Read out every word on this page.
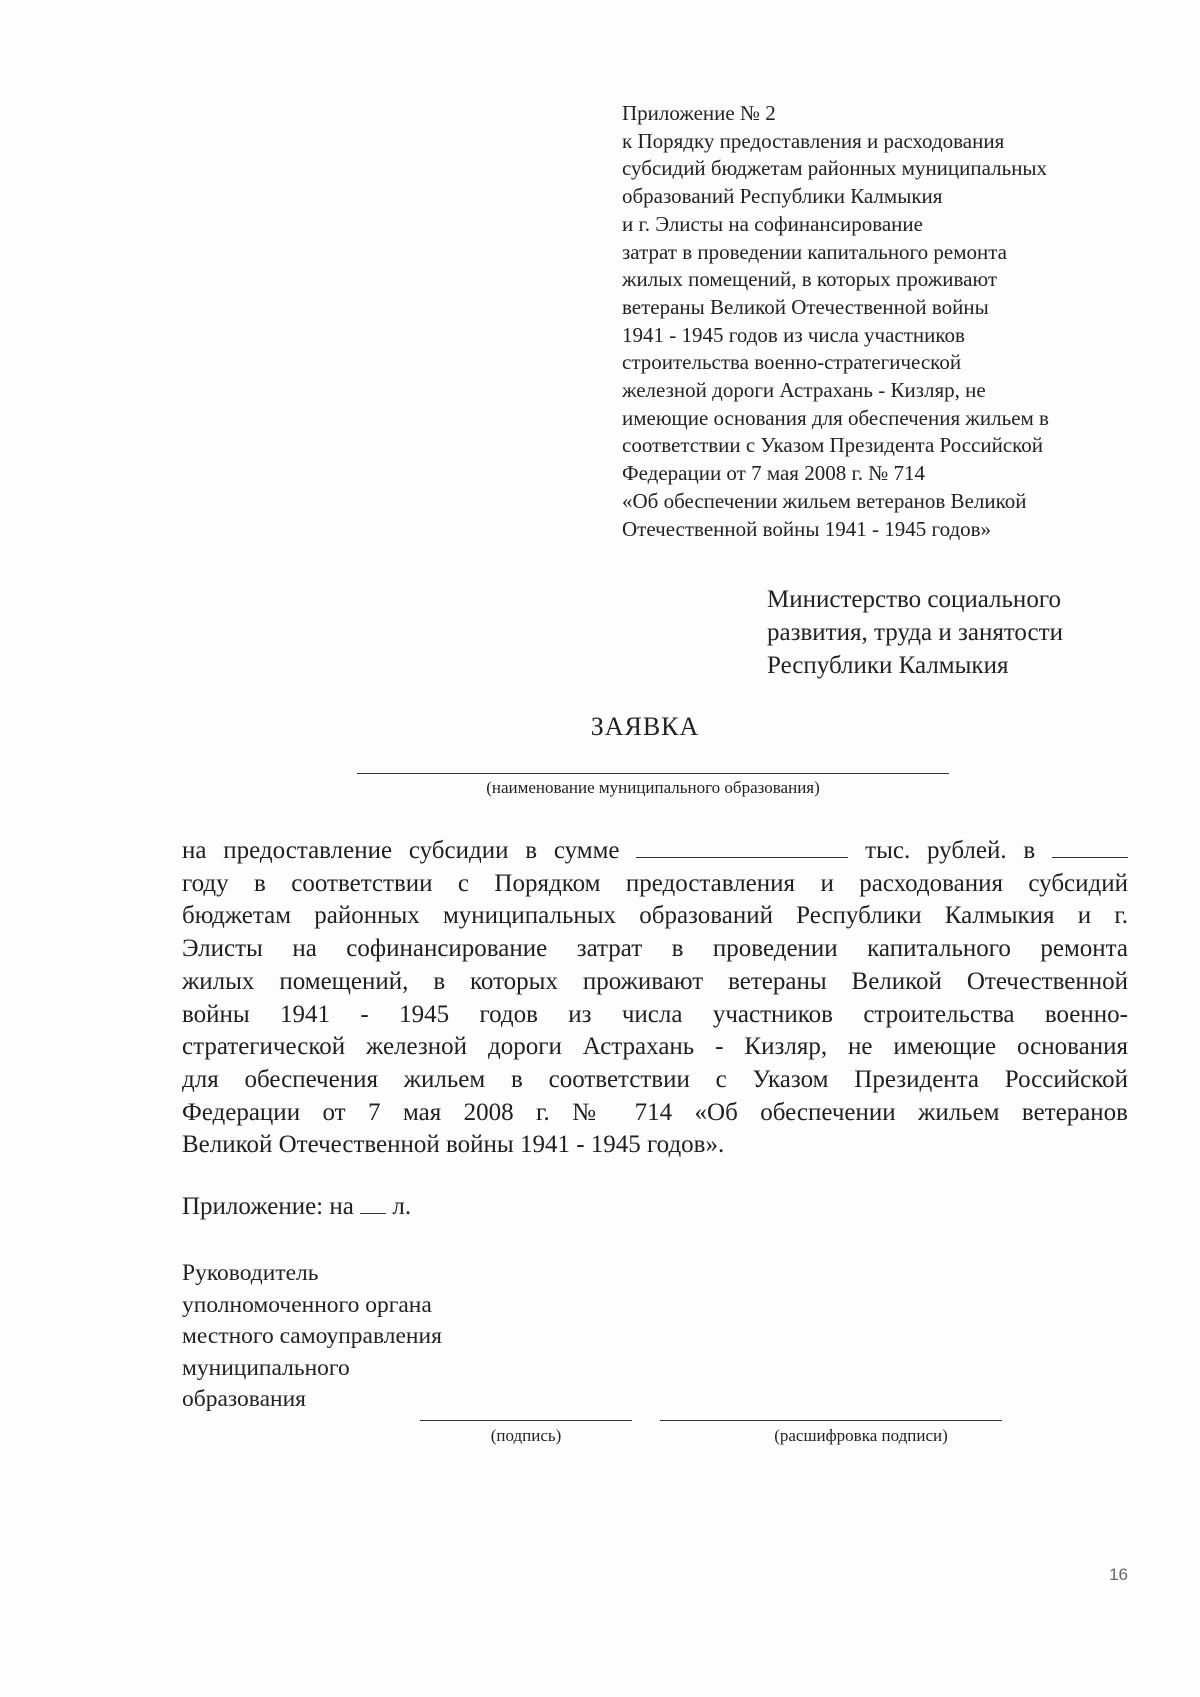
Приложение № 2
к Порядку предоставления и расходования
субсидий бюджетам районных муниципальных
образований Республики Калмыкия
и г. Элисты на софинансирование
затрат в проведении капитального ремонта
жилых помещений, в которых проживают
ветераны Великой Отечественной войны
1941 - 1945 годов из числа участников
строительства военно-стратегической
железной дороги Астрахань - Кизляр, не
имеющие основания для обеспечения жильем в
соответствии с Указом Президента Российской
Федерации от 7 мая 2008 г. № 714
«Об обеспечении жильем ветеранов Великой
Отечественной войны 1941 - 1945 годов»
Министерство социального
развития, труда и занятости
Республики Калмыкия
ЗАЯВКА
(наименование муниципального образования)
на предоставление субсидии в сумме	тыс. рублей. в
году в соответствии с Порядком предоставления и расходования субсидий
бюджетам районных муниципальных образований Республики Калмыкия и г.
Элисты на софинансирование затрат в проведении капитального ремонта
жилых помещений, в которых проживают ветераны Великой Отечественной
войны 1941 - 1945 годов из числа участников строительства военно-
стратегической железной дороги Астрахань - Кизляр, не имеющие основания
для обеспечения жильем в соответствии с Указом Президента Российской
Федерации от 7 мая 2008 г. № 714 «Об обеспечении жильем ветеранов
Великой Отечественной войны 1941 - 1945 годов».
Приложение: на л.
Руководитель
уполномоченного органа
местного самоуправления
муниципального
образования
(подпись)	(расшифровка подписи)
16
